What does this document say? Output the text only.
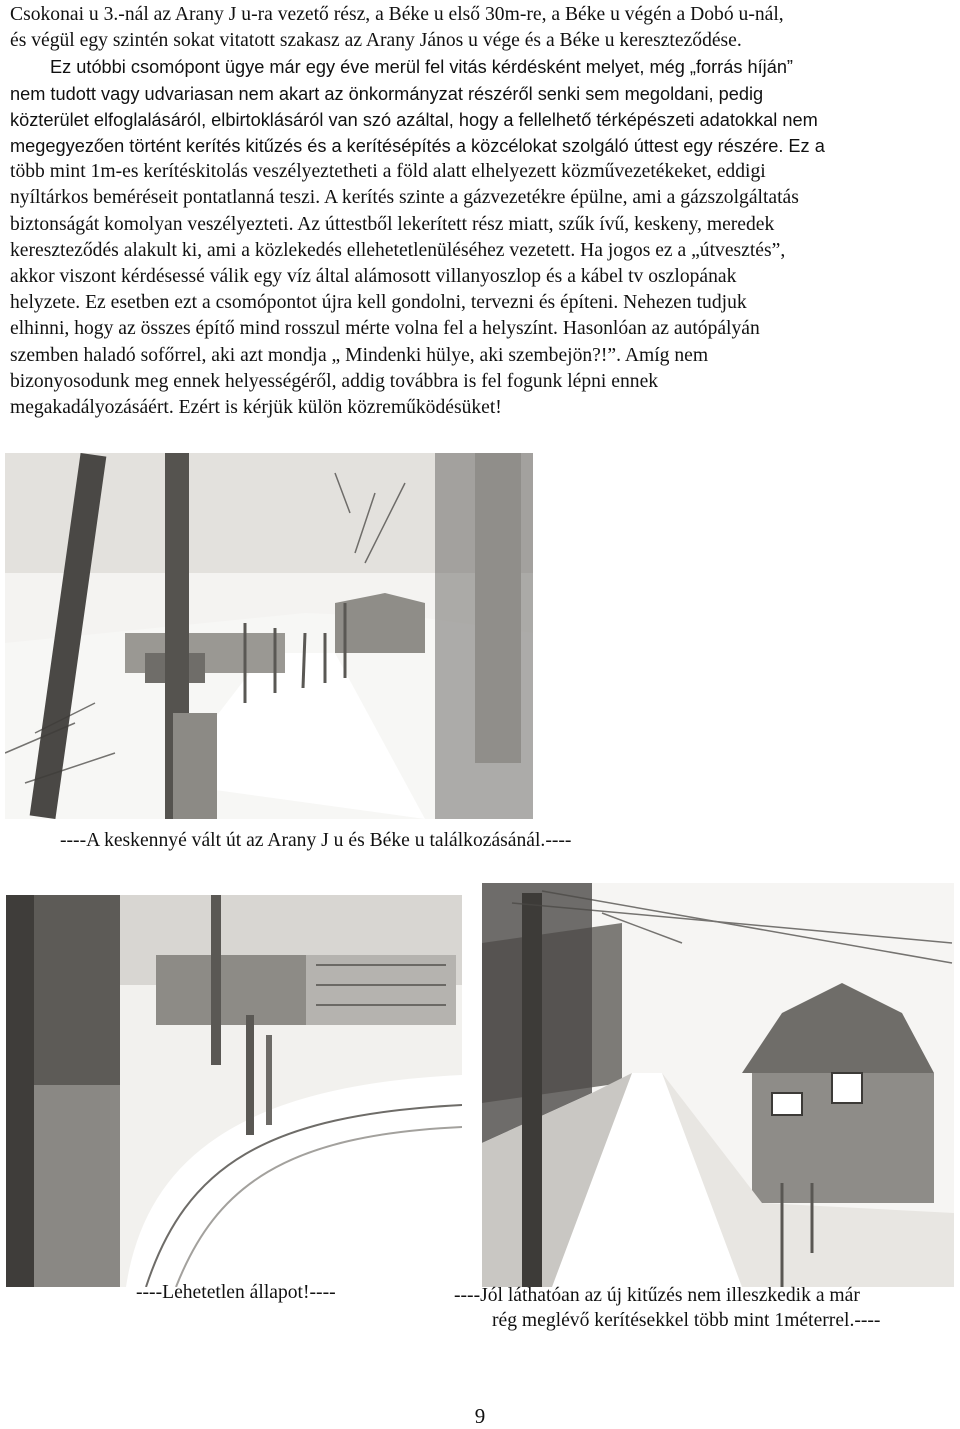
Csokonai u 3.-nál az Arany J u-ra vezető rész, a Béke u első 30m-re, a Béke u végén a Dobó u-nál,
és végül egy szintén sokat vitatott szakasz az Arany János u vége és a Béke u kereszteződése.
Ez utóbbi csomópont ügye már egy éve merül fel vitás kérdésként melyet, még „forrás híján”
nem tudott vagy udvariasan nem akart az önkormányzat részéről senki sem megoldani, pedig
közterület elfoglalásáról, elbirtoklásáról van szó azáltal, hogy a fellelhető térképészeti adatokkal nem
megegyezően történt kerítés kitűzés és a kerítésépítés a közcélokat szolgáló úttest egy részére. Ez a
több mint 1m-es kerítéskitolás veszélyeztetheti a föld alatt elhelyezett közművezetékeket, eddigi
nyíltárkos beméréseit pontatlanná teszi. A kerítés szinte a gázvezetékre épülne, ami a gázszolgáltatás
biztonságát komolyan veszélyezteti. Az úttestből lekerített rész miatt, szűk ívű, keskeny, meredek
kereszteződés alakult ki, ami a közlekedés ellehetetlenüléséhez vezetett. Ha jogos ez a „útvesztés”,
akkor viszont kérdésessé válik egy víz által alámosott villanyoszlop és a kábel tv oszlopának
helyzete. Ez esetben ezt a csomópontot újra kell gondolni, tervezni és építeni. Nehezen tudjuk
elhinni, hogy az összes építő mind rosszul mérte volna fel a helyszínt. Hasonlóan az autópályán
szemben haladó sofőrrel, aki azt mondja „ Mindenki hülye, aki szembejön?!”. Amíg nem
bizonyosodunk meg ennek helyességéről, addig továbbra is fel fogunk lépni ennek
megakadályozásáért. Ezért is kérjük külön közreműködésüket!
----A keskennyé vált út az Arany J u és Béke u találkozásánál.----
----Lehetetlen állapot!----	----Jól láthatóan az új kitűzés nem illeszkedik a már
rég meglévő kerítésekkel több mint 1méterrel.----
9
